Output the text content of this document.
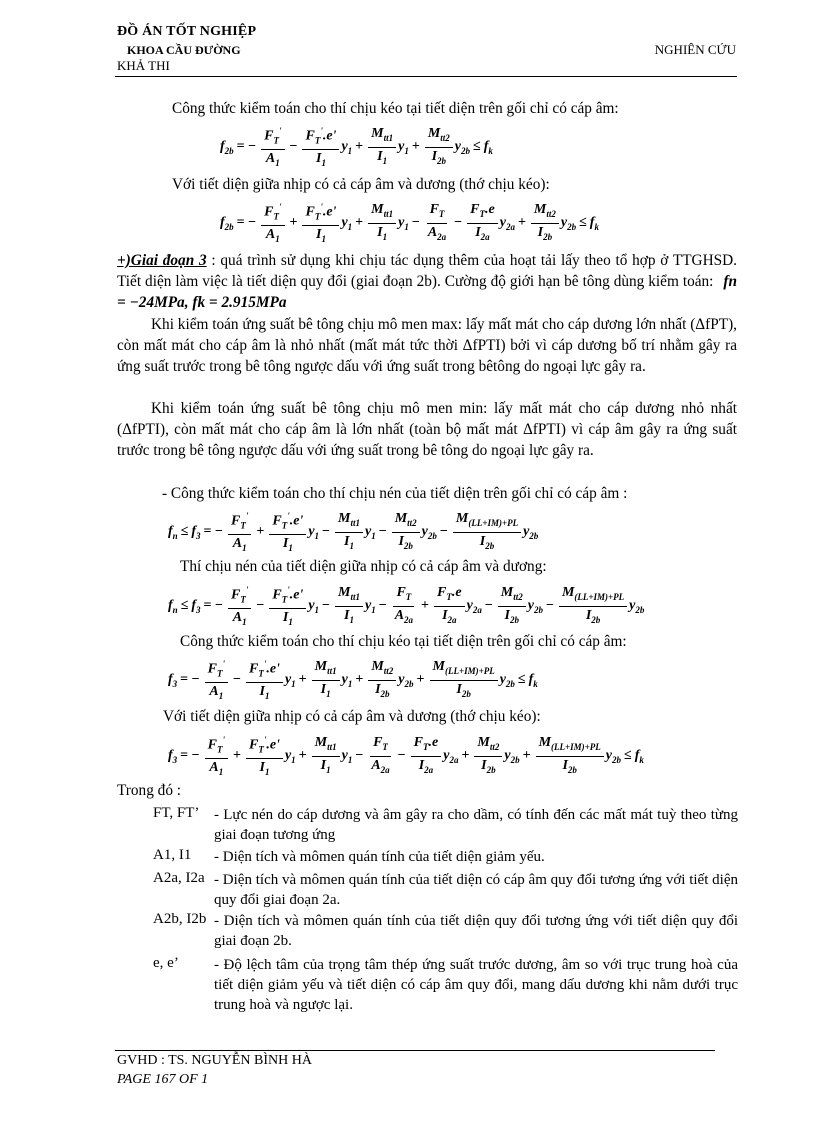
ĐỒ ÁN TỐT NGHIỆP
KHOA CẦU ĐƯỜNG
KHẢ THI
NGHIÊN CỨU
Công thức kiểm toán cho thí chịu kéo tại tiết diện trên gối chỉ có cáp âm:
$f_{2b}$ = − $\frac{F_T'}{A_1} - \frac{F_T'.e'}{I_1} y_1 + \frac{M_{tt1}}{I_1} y_1 + \frac{M_{tt2}}{I_{2b}} y_{2b} \le f_k$
Với tiết diện giữa nhịp có cả cáp âm và dương (thớ chịu kéo):
$f_{2b}$ = − $\frac{F_T'}{A_1} + \frac{F_T'.e'}{I_1} y_1 + \frac{M_{tt1}}{I_1} y_1 - \frac{F_T}{A_{2a}} - \frac{F_T.e}{I_{2a}} y_{2a} + \frac{M_{tt2}}{I_{2b}} y_{2b} \le f_k$
+)Giai đoạn 3 : quá trình sử dụng khi chịu tác dụng thêm của hoạt tải lấy theo tổ hợp ở TTGHSD. Tiết diện làm việc là tiết diện quy đổi (giai đoạn 2b). Cường độ giới hạn bê tông dùng kiểm toán: fn = −24MPa, fk = 2.915MPa
Khi kiểm toán ứng suất bê tông chịu mô men max: lấy mất mát cho cáp dương lớn nhất (ΔfPT), còn mất mát cho cáp âm là nhỏ nhất (mất mát tức thời ΔfPTI) bởi vì cáp dương bố trí nhằm gây ra ứng suất trước trong bê tông ngược dấu với ứng suất trong bêtông do ngoại lực gây ra.
Khi kiểm toán ứng suất bê tông chịu mô men min: lấy mất mát cho cáp dương nhỏ nhất (ΔfPTI), còn mất mát cho cáp âm là lớn nhất (toàn bộ mất mát ΔfPTI) vì cáp âm gây ra ứng suất trước trong bê tông ngược dấu với ứng suất trong bê tông do ngoại lực gây ra.
- Công thức kiểm toán cho thí chịu nén của tiết diện trên gối chỉ có cáp âm :
$f_n \le f_3$ = − $\frac{F_T'}{A_1} + \frac{F_T'.e'}{I_1} y_1 - \frac{M_{tt1}}{I_1} y_1 - \frac{M_{tt2}}{I_{2b}} y_{2b} - \frac{M_{(LL+IM)+PL}}{I_{2b}} y_{2b}$
Thí chịu nén của tiết diện giữa nhịp có cả cáp âm và dương:
$f_n \le f_3$ = − $\frac{F_T'}{A_1} - \frac{F_T'.e'}{I_1} y_1 - \frac{M_{tt1}}{I_1} y_1 - \frac{F_T}{A_{2a}} + \frac{F_T.e}{I_{2a}} y_{2a} - \frac{M_{tt2}}{I_{2b}} y_{2b} - \frac{M_{(LL+IM)+PL}}{I_{2b}} y_{2b}$
Công thức kiểm toán cho thí chịu kéo tại tiết diện trên gối chỉ có cáp âm:
$f_3$ = − $\frac{F_T'}{A_1} - \frac{F_T'.e'}{I_1} y_1 + \frac{M_{tt1}}{I_1} y_1 + \frac{M_{tt2}}{I_{2b}} y_{2b} + \frac{M_{(LL+IM)+PL}}{I_{2b}} y_{2b} \le f_k$
Với tiết diện giữa nhịp có cả cáp âm và dương (thớ chịu kéo):
$f_3$ = − $\frac{F_T'}{A_1} + \frac{F_T'.e'}{I_1} y_1 + \frac{M_{tt1}}{I_1} y_1 - \frac{F_T}{A_{2a}} - \frac{F_T.e}{I_{2a}} y_{2a} + \frac{M_{tt2}}{I_{2b}} y_{2b} + \frac{M_{(LL+IM)+PL}}{I_{2b}} y_{2b} \le f_k$
Trong đó :
FT, FT’ - Lực nén do cáp dương và âm gây ra cho dầm, có tính đến các mất mát tuỳ theo từng giai đoạn tương ứng
A1, I1 - Diện tích và mômen quán tính của tiết diện giảm yếu.
A2a, I2a - Diện tích và mômen quán tính của tiết diện có cáp âm quy đổi tương ứng với tiết diện quy đổi giai đoạn 2a.
A2b, I2b - Diện tích và mômen quán tính của tiết diện quy đổi tương ứng với tiết diện quy đổi giai đoạn 2b.
e, e’ - Độ lệch tâm của trọng tâm thép ứng suất trước dương, âm so với trục trung hoà của tiết diện giảm yếu và tiết diện có cáp âm quy đổi, mang dấu dương khi nằm dưới trục trung hoà và ngược lại.
GVHD : TS. NGUYỄN BÌNH HÀ
PAGE 167 OF 1
